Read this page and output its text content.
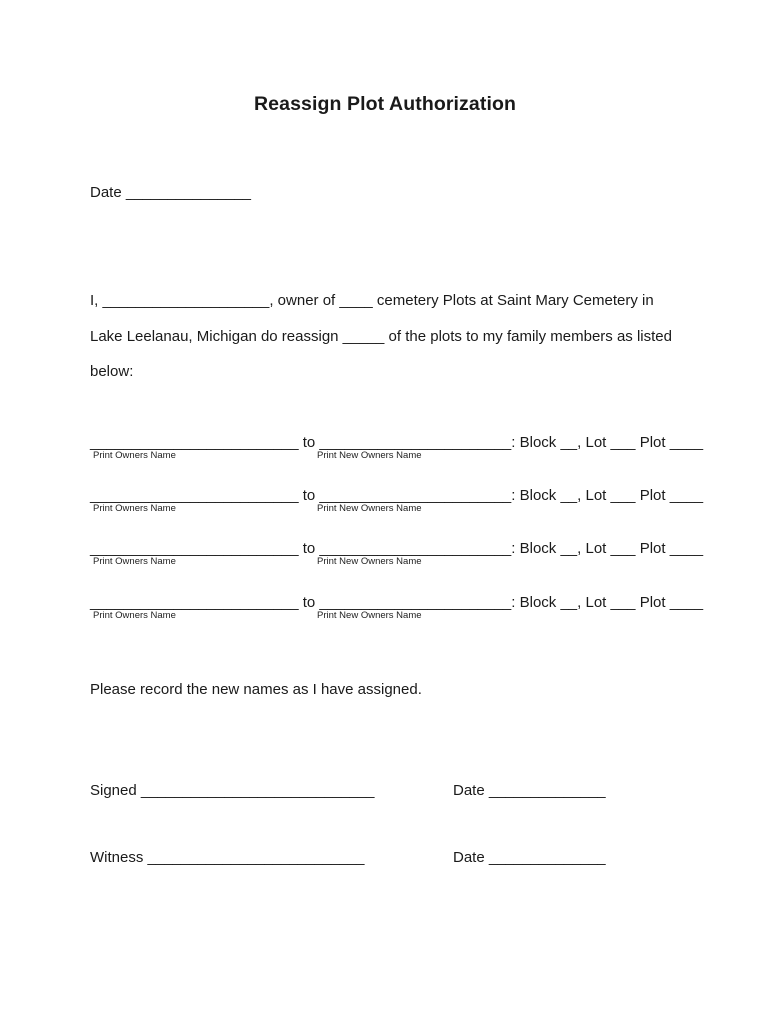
Reassign Plot Authorization
Date _______________
I, ____________________, owner of ____ cemetery Plots at Saint Mary Cemetery in
Lake Leelanau, Michigan do reassign _____ of the plots to my family members as listed
below:
_________________________ to _______________________: Block __, Lot ___ Plot ____
Print Owners Name	Print New Owners Name
_________________________ to _______________________: Block __, Lot ___ Plot ____
Print Owners Name	Print New Owners Name
_________________________ to _______________________: Block __, Lot ___ Plot ____
Print Owners Name	Print New Owners Name
_________________________ to _______________________: Block __, Lot ___ Plot ____
Print Owners Name	Print New Owners Name
Please record the new names as I have assigned.
Signed ____________________________	Date ______________
Witness __________________________	Date ______________
